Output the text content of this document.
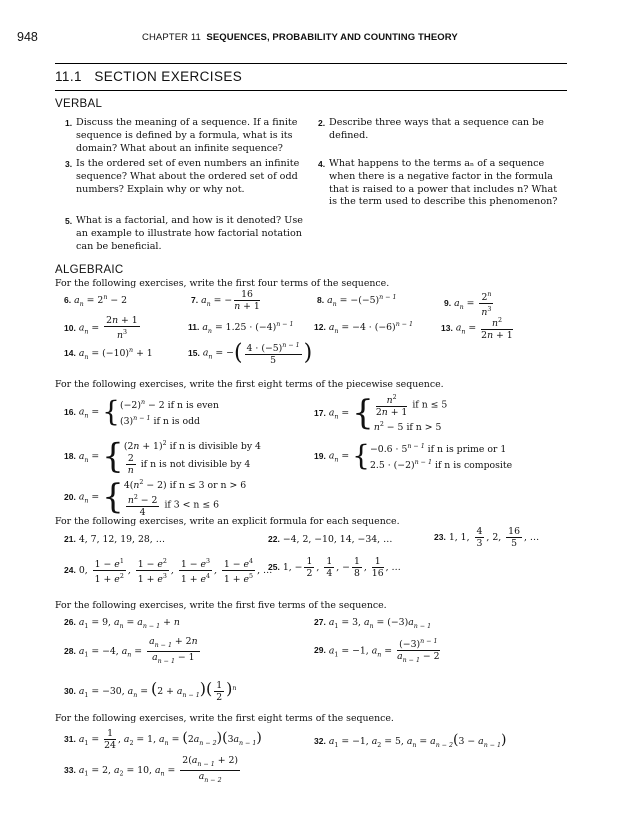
948	CHAPTER 11 SEQUENCES, PROBABILITY AND COUNTING THEORY
11.1 SECTION EXERCISES
VERBAL
1. Discuss the meaning of a sequence. If a finite sequence is defined by a formula, what is its domain? What about an infinite sequence?
2. Describe three ways that a sequence can be defined.
3. Is the ordered set of even numbers an infinite sequence? What about the ordered set of odd numbers? Explain why or why not.
4. What happens to the terms aₙ of a sequence when there is a negative factor in the formula that is raised to a power that includes n? What is the term used to describe this phenomenon?
5. What is a factorial, and how is it denoted? Use an example to illustrate how factorial notation can be beneficial.
ALGEBRAIC
For the following exercises, write the first four terms of the sequence.
6. $a_n = 2^n - 2$	7. $a_n$ = − $\frac{16}{n + 1}$	8. $a_n = -(-5)^{n - 1}$
9. $a_n = \frac{2^n}{n^3}$
10. $a_n = \frac{2n + 1}{n^3}$	11. $a_n = 1.25 \cdot (-4)^{n - 1}$ 12. $a_n = -4 \cdot (-6)^{n - 1}$	13. $a_n = \frac{n^2}{2n + 1}$
14. $a_n = (-10)^n + 1$	15. $a_n$ = −( $\frac{4 \cdot (-5)^{n - 1}}{5}$ )
For the following exercises, write the first eight terms of the piecewise sequence.
16. $a_n = \{(-2)^n - 2$ if n is even
$(3)^{n - 1}$ if n is odd
17. $a_n$ = { $\frac{n^2}{2n + 1}$ if n ≤ 5
$n^2 - 5$ if n > 5
18. $a_n = \{(2n + 1)^2$ if n is divisible by 4

$\frac{2}{n}$ if n is not divisible by 4
19. $a_n = \{-0.6 \cdot 5^{n - 1}$ if n is prime or 1
$2.5 \cdot (-2)^{n - 1}$ if n is composite
20. $a_n = \{4(n^2 - 2)$ if n ≤ 3 or n > 6

$\frac{n^2 - 2}{4}$ if 3 < n ≤ 6
For the following exercises, write an explicit formula for each sequence.
21. 4, 7, 12, 19, 28, …	22. −4, 2, −10, 14, −34, …	23. 1, 1, $\frac{4}{3}$ , 2, $\frac{16}{5}$ , …
24. 0, $\frac{1 - e^1}{1 + e^2}$ , $\frac{1 - e^2}{1 + e^3}$ , $\frac{1 - e^3}{1 + e^4}$ , $\frac{1 - e^4}{1 + e^5}$ , …
25. 1, − $\frac{1}{2}$ , $\frac{1}{4}$ , − $\frac{1}{8}$ , $\frac{1}{16}$ , …
For the following exercises, write the first five terms of the sequence.
26. $a_1 = 9$, $a_n = a_{n - 1} + n$	27. $a_1 = 3$, $a_n = (-3)a_{n - 1}$
28. $a_1 = -4$, $a_n = \frac{a_{n - 1} + 2n}{a_{n - 1} - 1}$	29. $a_1 = -1$, $a_n = \frac{(-3)^{n - 1}}{a_{n - 1} - 2}$
30. $a_1 = -30$, $a_n = (2 + a_{n - 1})( \frac{1}{2} )^n$
For the following exercises, write the first eight terms of the sequence.
31. $a_1 = \frac{1}{24}$ , $a_2 = 1$, $a_n = (2a_{n - 2})(3a_{n - 1})$	32. $a_1 = -1$, $a_2 = 5$, $a_n = a_{n - 2}(3 - a_{n - 1})$
33. $a_1 = 2$, $a_2 = 10$, $a_n = \frac{2(a_{n - 1} + 2)}{a_{n - 2}}$
